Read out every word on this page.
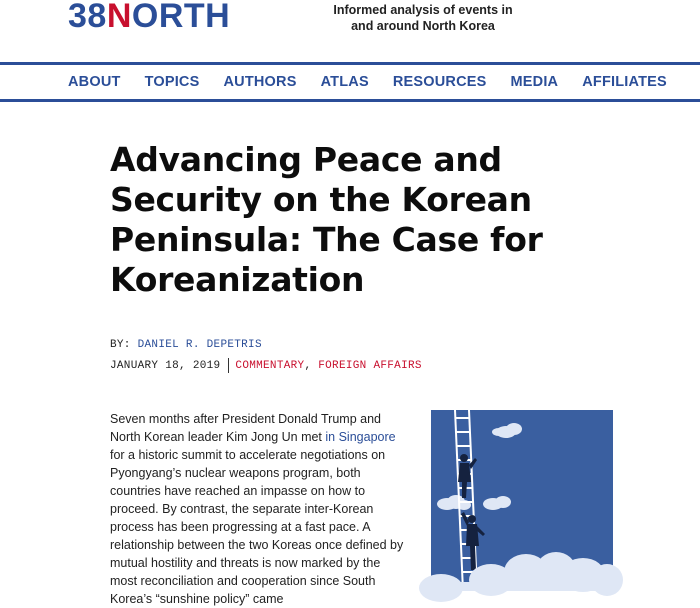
38NORTH	Informed analysis of events in
and around North Korea
ABOUT TOPICS AUTHORS ATLAS RESOURCES MEDIA AFFILIATES
Advancing Peace and Security on the Korean Peninsula: The Case for Koreanization
BY: DANIEL R. DEPETRIS
JANUARY 18, 2019 COMMENTARY ,
FOREIGN AFFAIRS
Seven months after President Donald Trump and North Korean leader Kim Jong Un met in Singapore for a historic summit to accelerate negotiations on Pyongyang’s nuclear weapons program, both countries have reached an impasse on how to proceed. By contrast, the separate inter-Korean process has been progressing at a fast pace. A relationship between the two Koreas once defined by mutual hostility and threats is now marked by the most reconciliation and cooperation since South Korea’s “sunshine policy” came
